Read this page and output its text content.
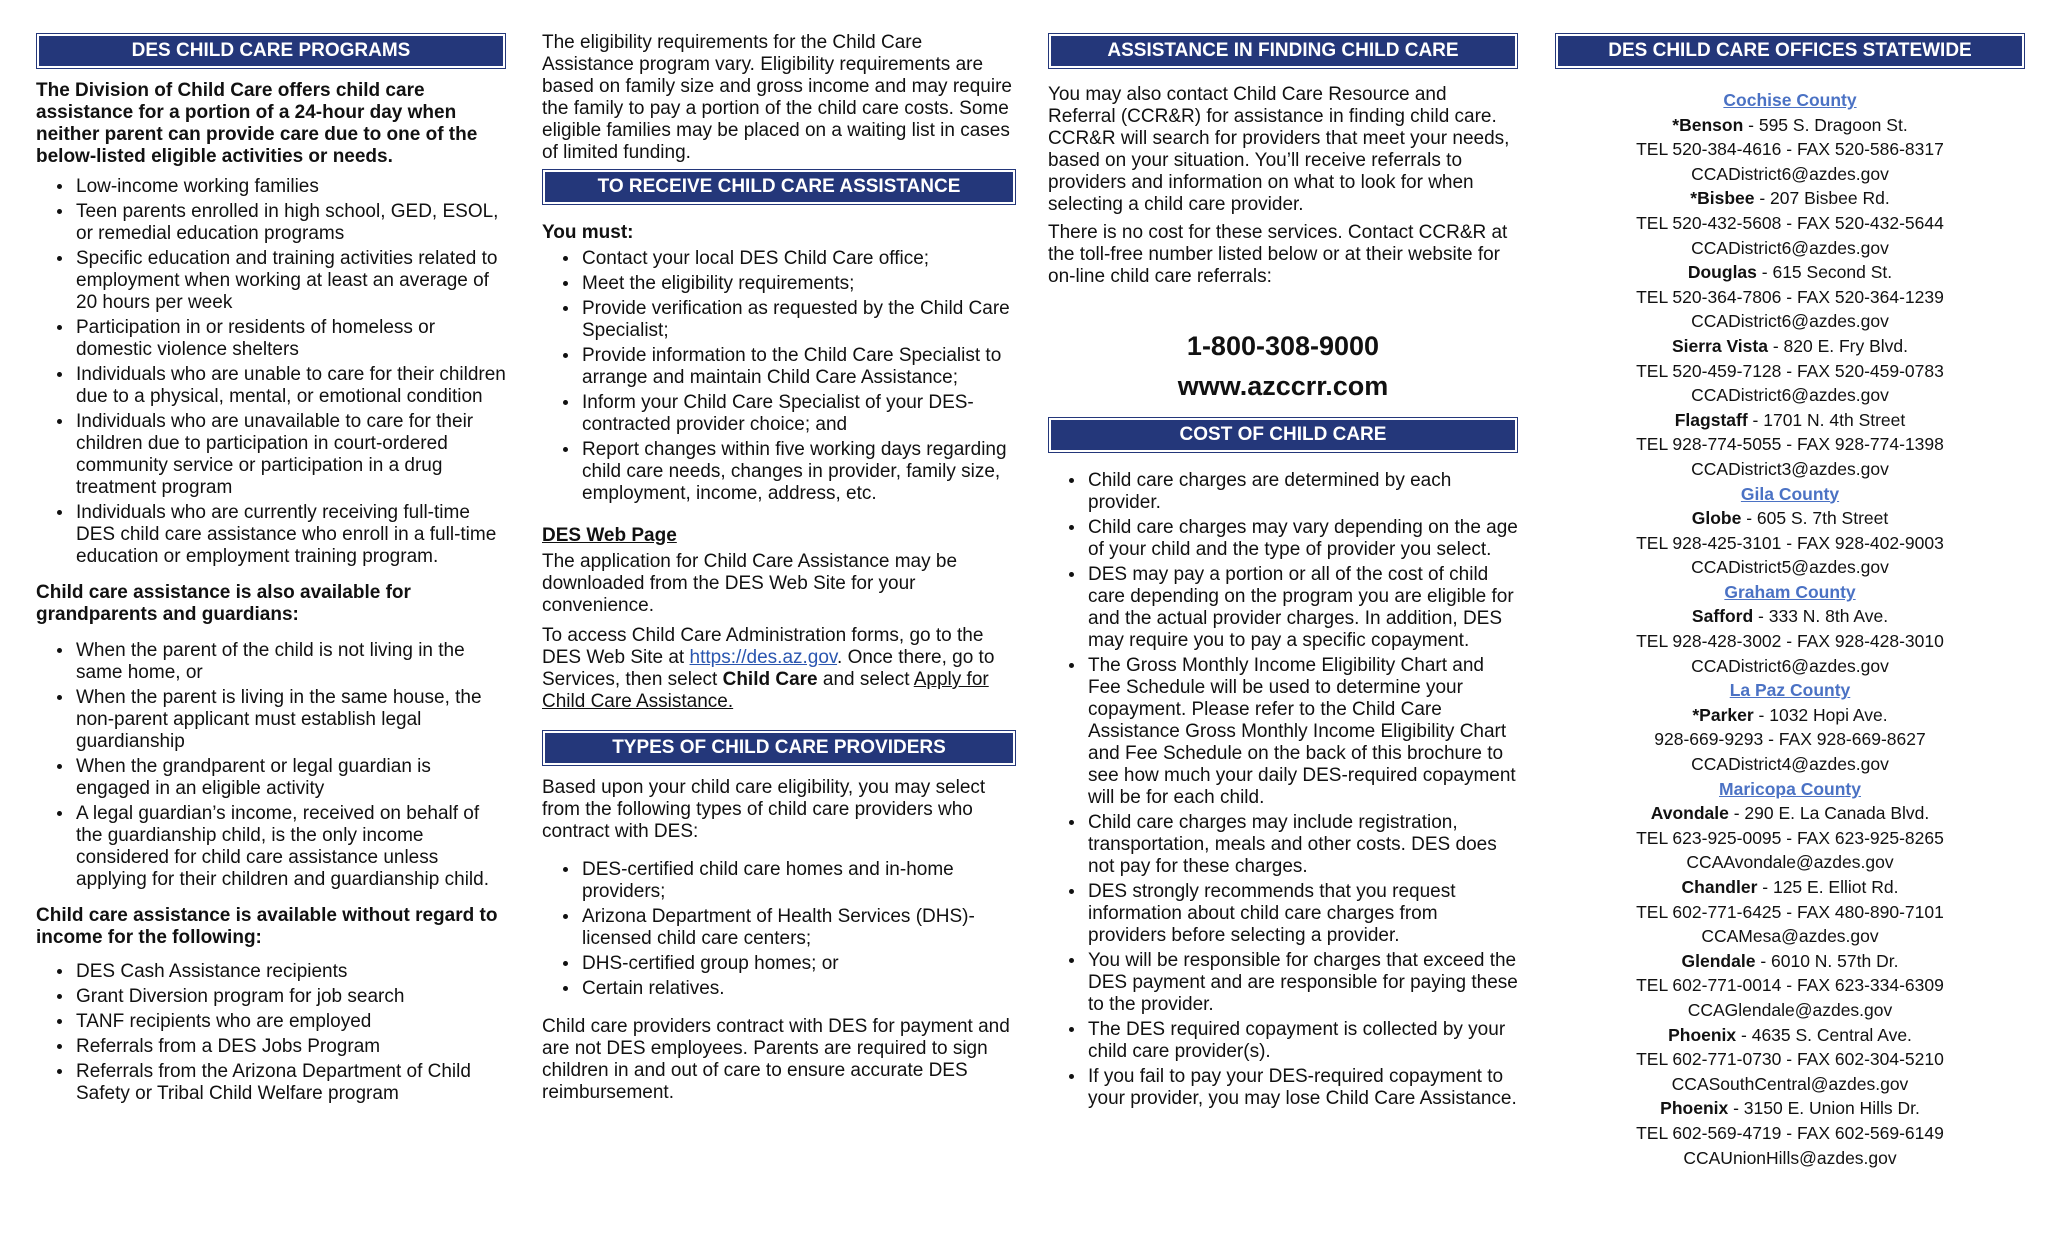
DES CHILD CARE PROGRAMS

The Division of Child Care offers child care assistance for a portion of a 24-hour day when neither parent can provide care due to one of the below-listed eligible activities or needs.

• Low-income working families
• Teen parents enrolled in high school, GED, ESOL, or remedial education programs
• Specific education and training activities related to employment when working at least an average of 20 hours per week
• Participation in or residents of homeless or domestic violence shelters
• Individuals who are unable to care for their children due to a physical, mental, or emotional condition
• Individuals who are unavailable to care for their children due to participation in court-ordered community service or participation in a drug treatment program
• Individuals who are currently receiving full-time DES child care assistance who enroll in a full-time education or employment training program.

Child care assistance is also available for grandparents and guardians:

• When the parent of the child is not living in the same home, or
• When the parent is living in the same house, the non-parent applicant must establish legal guardianship
• When the grandparent or legal guardian is engaged in an eligible activity
• A legal guardian’s income, received on behalf of the guardianship child, is the only income considered for child care assistance unless applying for their children and guardianship child.

Child care assistance is available without regard to income for the following:

• DES Cash Assistance recipients
• Grant Diversion program for job search
• TANF recipients who are employed
• Referrals from a DES Jobs Program
• Referrals from the Arizona Department of Child Safety or Tribal Child Welfare program

The eligibility requirements for the Child Care Assistance program vary. Eligibility requirements are based on family size and gross income and may require the family to pay a portion of the child care costs. Some eligible families may be placed on a waiting list in cases of limited funding.

TO RECEIVE CHILD CARE ASSISTANCE

You must:

• Contact your local DES Child Care office;
• Meet the eligibility requirements;
• Provide verification as requested by the Child Care Specialist;
• Provide information to the Child Care Specialist to arrange and maintain Child Care Assistance;
• Inform your Child Care Specialist of your DES-contracted provider choice; and
• Report changes within five working days regarding child care needs, changes in provider, family size, employment, income, address, etc.

DES Web Page

The application for Child Care Assistance may be downloaded from the DES Web Site for your convenience.

To access Child Care Administration forms, go to the DES Web Site at https://des.az.gov. Once there, go to Services, then select Child Care and select Apply for Child Care Assistance.

TYPES OF CHILD CARE PROVIDERS

Based upon your child care eligibility, you may select from the following types of child care providers who contract with DES:

• DES-certified child care homes and in-home providers;
• Arizona Department of Health Services (DHS)-licensed child care centers;
• DHS-certified group homes; or
• Certain relatives.

Child care providers contract with DES for payment and are not DES employees. Parents are required to sign children in and out of care to ensure accurate DES reimbursement.

ASSISTANCE IN FINDING CHILD CARE

You may also contact Child Care Resource and Referral (CCR&R) for assistance in finding child care. CCR&R will search for providers that meet your needs, based on your situation. You’ll receive referrals to providers and information on what to look for when selecting a child care provider.

There is no cost for these services. Contact CCR&R at the toll-free number listed below or at their website for on-line child care referrals:

1-800-308-9000
www.azccrr.com
COST OF CHILD CARE
• Child care charges are determined by each provider.
• Child care charges may vary depending on the age of your child and the type of provider you select.
• DES may pay a portion or all of the cost of child care depending on the program you are eligible for and the actual provider charges. In addition, DES may require you to pay a specific copayment.
• The Gross Monthly Income Eligibility Chart and Fee Schedule will be used to determine your copayment. Please refer to the Child Care Assistance Gross Monthly Income Eligibility Chart and Fee Schedule on the back of this brochure to see how much your daily DES-required copayment will be for each child.
• Child care charges may include registration, transportation, meals and other costs. DES does not pay for these charges.
• DES strongly recommends that you request information about child care charges from providers before selecting a provider.
• You will be responsible for charges that exceed the DES payment and are responsible for paying these to the provider.
• The DES required copayment is collected by your child care provider(s).
• If you fail to pay your DES-required copayment to your provider, you may lose Child Care Assistance.
DES CHILD CARE OFFICES STATEWIDE
Cochise County
*Benson - 595 S. Dragoon St.
TEL 520-384-4616 - FAX 520-586-8317
CCADistrict6@azdes.gov
*Bisbee - 207 Bisbee Rd.
TEL 520-432-5608 - FAX 520-432-5644
CCADistrict6@azdes.gov
Douglas - 615 Second St.
TEL 520-364-7806 - FAX 520-364-1239
CCADistrict6@azdes.gov
Sierra Vista - 820 E. Fry Blvd.
TEL 520-459-7128 - FAX 520-459-0783
CCADistrict6@azdes.gov
Flagstaff - 1701 N. 4th Street
TEL 928-774-5055 - FAX 928-774-1398
CCADistrict3@azdes.gov
Gila County
Globe - 605 S. 7th Street
TEL 928-425-3101 - FAX 928-402-9003
CCADistrict5@azdes.gov
Graham County
Safford - 333 N. 8th Ave.
TEL 928-428-3002 - FAX 928-428-3010
CCADistrict6@azdes.gov
La Paz County
*Parker - 1032 Hopi Ave.
928-669-9293 - FAX 928-669-8627
CCADistrict4@azdes.gov
Maricopa County
Avondale - 290 E. La Canada Blvd.
TEL 623-925-0095 - FAX 623-925-8265
CCAAvondale@azdes.gov
Chandler - 125 E. Elliot Rd.
TEL 602-771-6425 - FAX 480-890-7101
CCAMesa@azdes.gov
Glendale - 6010 N. 57th Dr.
TEL 602-771-0014 - FAX 623-334-6309
CCAGlendale@azdes.gov
Phoenix - 4635 S. Central Ave.
TEL 602-771-0730 - FAX 602-304-5210
CCASouthCentral@azdes.gov
Phoenix - 3150 E. Union Hills Dr.
TEL 602-569-4719 - FAX 602-569-6149
CCAUnionHills@azdes.gov
